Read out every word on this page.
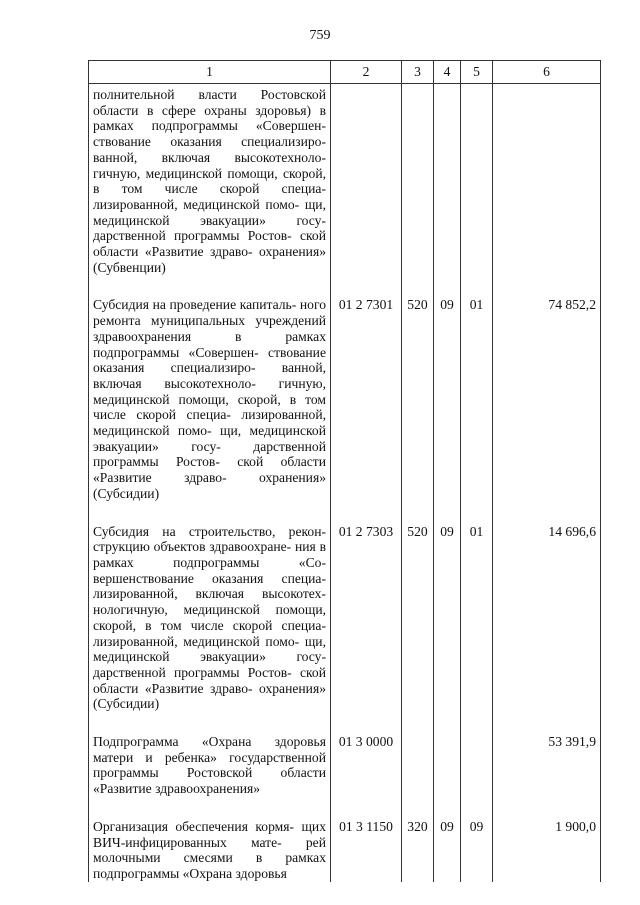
759
1	2	3	4	5	6
полнительной власти Ростовской области в сфере охраны здоровья) в рамках подпрограммы «Совершен- ствование оказания специализиро- ванной, включая высокотехноло- гичную, медицинской помощи, скорой, в том числе скорой специа- лизированной, медицинской помо- щи, медицинской эвакуации» госу- дарственной программы Ростов- ской области «Развитие здраво- охранения» (Субвенции)					

Субсидия на проведение капиталь- ного ремонта муниципальных учреждений здравоохранения в рамках подпрограммы «Совершен- ствование оказания специализиро- ванной, включая высокотехноло- гичную, медицинской помощи, скорой, в том числе скорой специа- лизированной, медицинской помо- щи, медицинской эвакуации» госу- дарственной программы Ростов- ской области «Развитие здраво- охранения» (Субсидии)	01 2 7301	520	09	01	74 852,2

Субсидия на строительство, рекон- струкцию объектов здравоохране- ния в рамках подпрограммы «Со- вершенствование оказания специа- лизированной, включая высокотех- нологичную, медицинской помощи, скорой, в том числе скорой специа- лизированной, медицинской помо- щи, медицинской эвакуации» госу- дарственной программы Ростов- ской области «Развитие здраво- охранения» (Субсидии)	01 2 7303	520	09	01	14 696,6

Подпрограмма «Охрана здоровья матери и ребенка» государственной программы Ростовской области «Развитие здравоохранения»	01 3 0000				53 391,9

Организация обеспечения кормя- щих ВИЧ-инфицированных мате- рей молочными смесями в рамках подпрограммы «Охрана здоровья	01 3 1150	320	09	09	1 900,0
